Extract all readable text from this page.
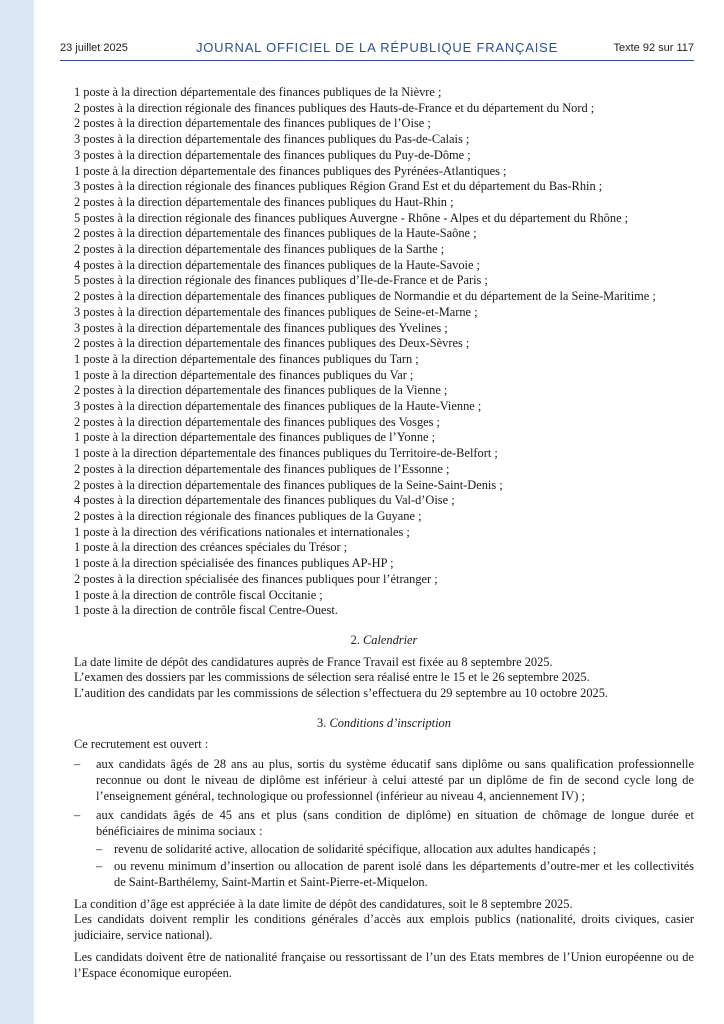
23 juillet 2025	JOURNAL OFFICIEL DE LA RÉPUBLIQUE FRANÇAISE	Texte 92 sur 117

1 poste à la direction départementale des finances publiques de la Nièvre ;

2 postes à la direction régionale des finances publiques des Hauts-de-France et du département du Nord ;

2 postes à la direction départementale des finances publiques de l’Oise ;

3 postes à la direction départementale des finances publiques du Pas-de-Calais ;

3 postes à la direction départementale des finances publiques du Puy-de-Dôme ;

1 poste à la direction départementale des finances publiques des Pyrénées-Atlantiques ;

3 postes à la direction régionale des finances publiques Région Grand Est et du département du Bas-Rhin ;

2 postes à la direction départementale des finances publiques du Haut-Rhin ;

5 postes à la direction régionale des finances publiques Auvergne - Rhône - Alpes et du département du Rhône ;

2 postes à la direction départementale des finances publiques de la Haute-Saône ;

2 postes à la direction départementale des finances publiques de la Sarthe ;

4 postes à la direction départementale des finances publiques de la Haute-Savoie ;

5 postes à la direction régionale des finances publiques d’Ile-de-France et de Paris ;

2 postes à la direction départementale des finances publiques de Normandie et du département de la Seine-Maritime ;

3 postes à la direction départementale des finances publiques de Seine-et-Marne ;

3 postes à la direction départementale des finances publiques des Yvelines ;

2 postes à la direction départementale des finances publiques des Deux-Sèvres ;

1 poste à la direction départementale des finances publiques du Tarn ;

1 poste à la direction départementale des finances publiques du Var ;

2 postes à la direction départementale des finances publiques de la Vienne ;

3 postes à la direction départementale des finances publiques de la Haute-Vienne ;

2 postes à la direction départementale des finances publiques des Vosges ;

1 poste à la direction départementale des finances publiques de l’Yonne ;

1 poste à la direction départementale des finances publiques du Territoire-de-Belfort ;

2 postes à la direction départementale des finances publiques de l’Essonne ;

2 postes à la direction départementale des finances publiques de la Seine-Saint-Denis ;

4 postes à la direction départementale des finances publiques du Val-d’Oise ;

2 postes à la direction régionale des finances publiques de la Guyane ;

1 poste à la direction des vérifications nationales et internationales ;

1 poste à la direction des créances spéciales du Trésor ;

1 poste à la direction spécialisée des finances publiques AP-HP ;

2 postes à la direction spécialisée des finances publiques pour l’étranger ;

1 poste à la direction de contrôle fiscal Occitanie ;

1 poste à la direction de contrôle fiscal Centre-Ouest.

2. Calendrier

La date limite de dépôt des candidatures auprès de France Travail est fixée au 8 septembre 2025.

L’examen des dossiers par les commissions de sélection sera réalisé entre le 15 et le 26 septembre 2025.

L’audition des candidats par les commissions de sélection s’effectuera du 29 septembre au 10 octobre 2025.

3. Conditions d’inscription

Ce recrutement est ouvert :

– aux candidats âgés de 28 ans au plus, sortis du système éducatif sans diplôme ou sans qualification professionnelle reconnue ou dont le niveau de diplôme est inférieur à celui attesté par un diplôme de fin de second cycle long de l’enseignement général, technologique ou professionnel (inférieur au niveau 4, anciennement IV) ;

– aux candidats âgés de 45 ans et plus (sans condition de diplôme) en situation de chômage de longue durée et bénéficiaires de minima sociaux :

– revenu de solidarité active, allocation de solidarité spécifique, allocation aux adultes handicapés ;

– ou revenu minimum d’insertion ou allocation de parent isolé dans les départements d’outre-mer et les collectivités de Saint-Barthélemy, Saint-Martin et Saint-Pierre-et-Miquelon.

La condition d’âge est appréciée à la date limite de dépôt des candidatures, soit le 8 septembre 2025.

Les candidats doivent remplir les conditions générales d’accès aux emplois publics (nationalité, droits civiques, casier judiciaire, service national).

Les candidats doivent être de nationalité française ou ressortissant de l’un des Etats membres de l’Union européenne ou de l’Espace économique européen.
